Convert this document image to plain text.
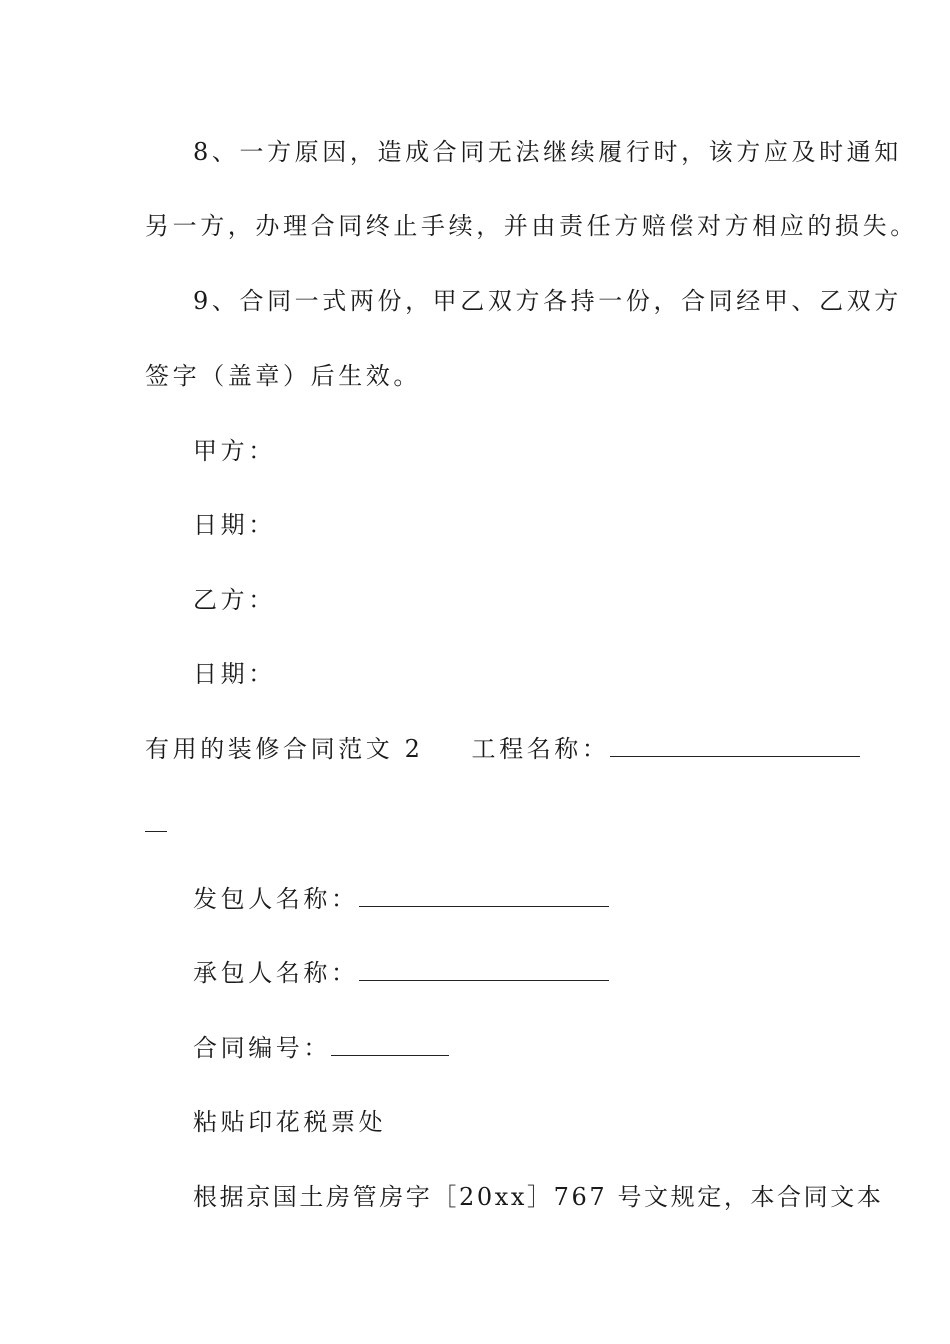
8、一方原因，造成合同无法继续履行时，该方应及时通知
另一方，办理合同终止手续，并由责任方赔偿对方相应的损失。
9、合同一式两份，甲乙双方各持一份，合同经甲、乙双方
签字（盖章）后生效。
甲方：
日期：
乙方：
日期：
有用的装修合同范文 2 工程名称：
发包人名称：
承包人名称：
合同编号：
粘贴印花税票处
根据京国土房管房字［20xx］767 号文规定，本合同文本
